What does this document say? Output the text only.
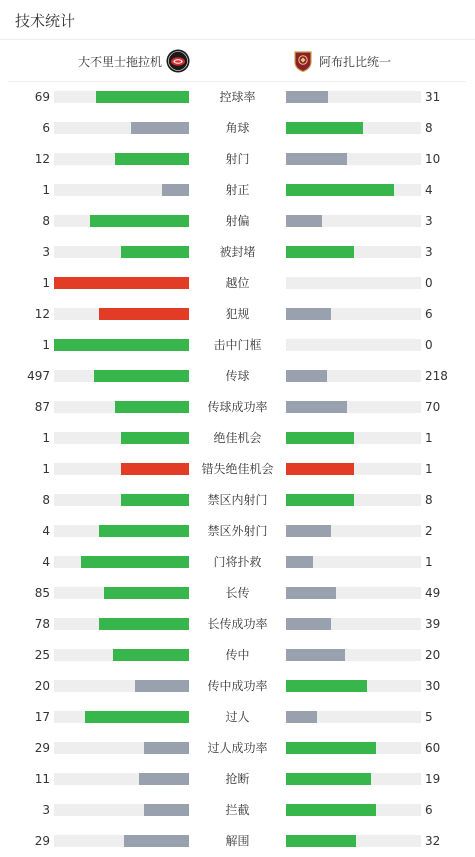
技术统计
大不里士拖拉机	阿布扎比统一
69	控球率	31
6	角球	8
12	射门	10
1	射正	4
8	射偏	3
3	被封堵	3
1	越位	0
12	犯规	6
1	击中门框	0
497	传球	218
87	传球成功率	70
1	绝佳机会	1
1	错失绝佳机会	1
8	禁区内射门	8
4	禁区外射门	2
4	门将扑救	1
85	长传	49
78	长传成功率	39
25	传中	20
20	传中成功率	30
17	过人	5
29	过人成功率	60
11	抢断	19
3	拦截	6
29	解围	32
